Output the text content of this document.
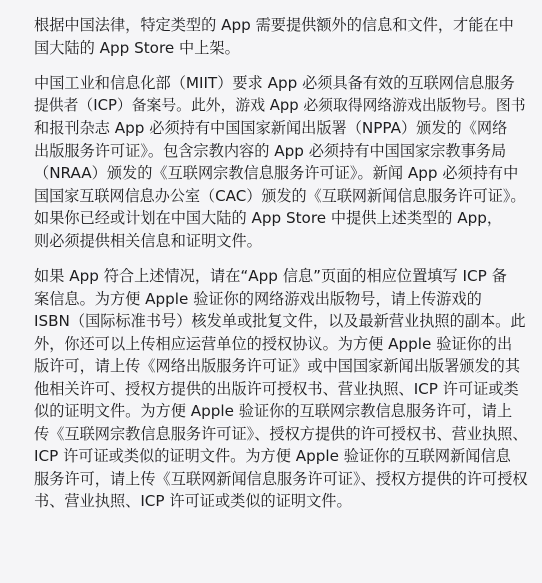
根据中国法律，特定类型的 App 需要提供额外的信息和文件，才能在中
国大陆的 App Store 中上架。

中国工业和信息化部（MIIT）要求 App 必须具备有效的互联网信息服务
提供者（ICP）备案号。此外，游戏 App 必须取得网络游戏出版物号。图书
和报刊杂志 App 必须持有中国国家新闻出版署（NPPA）颁发的《网络
出版服务许可证》。包含宗教内容的 App 必须持有中国国家宗教事务局
（NRAA）颁发的《互联网宗教信息服务许可证》。新闻 App 必须持有中
国国家互联网信息办公室（CAC）颁发的《互联网新闻信息服务许可证》。
如果你已经或计划在中国大陆的 App Store 中提供上述类型的 App，
则必须提供相关信息和证明文件。

如果 App 符合上述情况，请在“App 信息”页面的相应位置填写 ICP 备
案信息。为方便 Apple 验证你的网络游戏出版物号，请上传游戏的
ISBN（国际标准书号）核发单或批复文件，以及最新营业执照的副本。此
外，你还可以上传相应运营单位的授权协议。为方便 Apple 验证你的出
版许可，请上传《网络出版服务许可证》或中国国家新闻出版署颁发的其
他相关许可、授权方提供的出版许可授权书、营业执照、ICP 许可证或类
似的证明文件。为方便 Apple 验证你的互联网宗教信息服务许可，请上
传《互联网宗教信息服务许可证》、授权方提供的许可授权书、营业执照、
ICP 许可证或类似的证明文件。为方便 Apple 验证你的互联网新闻信息
服务许可，请上传《互联网新闻信息服务许可证》、授权方提供的许可授权
书、营业执照、ICP 许可证或类似的证明文件。
